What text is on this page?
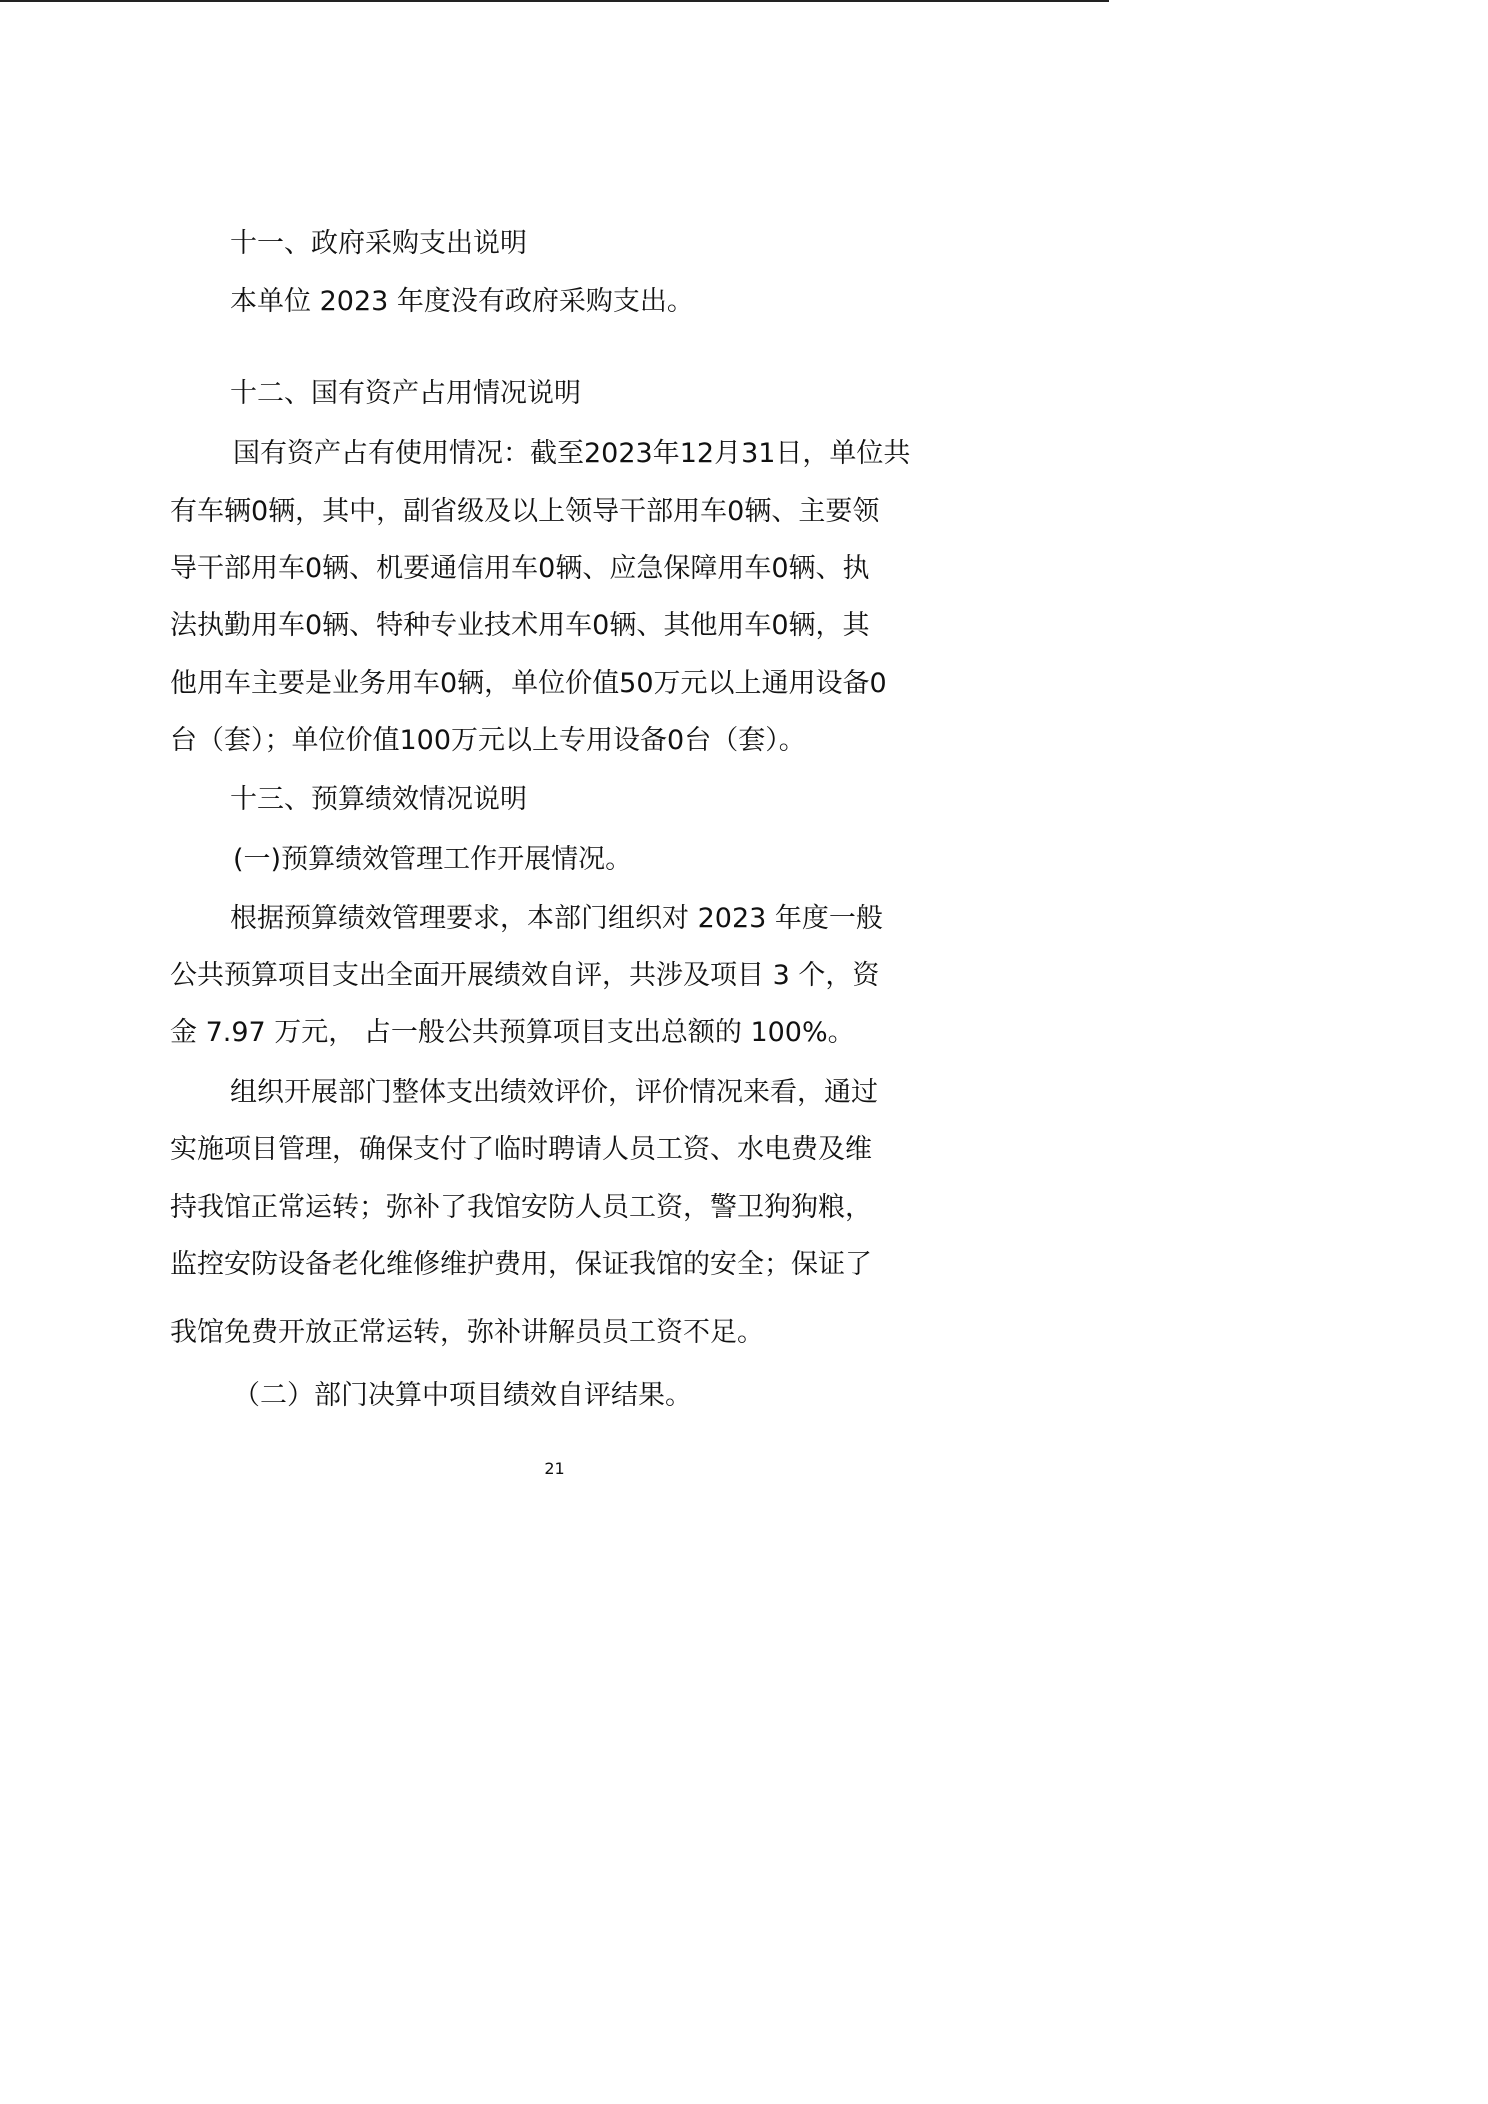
十一、政府采购支出说明

本单位 2023 年度没有政府采购支出。

十二、国有资产占用情况说明

国有资产占有使用情况：截至2023年12月31日，单位共

有车辆0辆，其中，副省级及以上领导干部用车0辆、主要领

导干部用车0辆、机要通信用车0辆、应急保障用车0辆、执

法执勤用车0辆、特种专业技术用车0辆、其他用车0辆，其

他用车主要是业务用车0辆，单位价值50万元以上通用设备0

台（套）；单位价值100万元以上专用设备0台（套）。

十三、预算绩效情况说明

(一)预算绩效管理工作开展情况。

根据预算绩效管理要求，本部门组织对 2023 年度一般

公共预算项目支出全面开展绩效自评，共涉及项目 3 个，资

金 7.97 万元， 占一般公共预算项目支出总额的 100%。

组织开展部门整体支出绩效评价，评价情况来看，通过

实施项目管理，确保支付了临时聘请人员工资、水电费及维

持我馆正常运转；弥补了我馆安防人员工资，警卫狗狗粮，

监控安防设备老化维修维护费用，保证我馆的安全；保证了

我馆免费开放正常运转，弥补讲解员员工资不足。

（二）部门决算中项目绩效自评结果。

21
